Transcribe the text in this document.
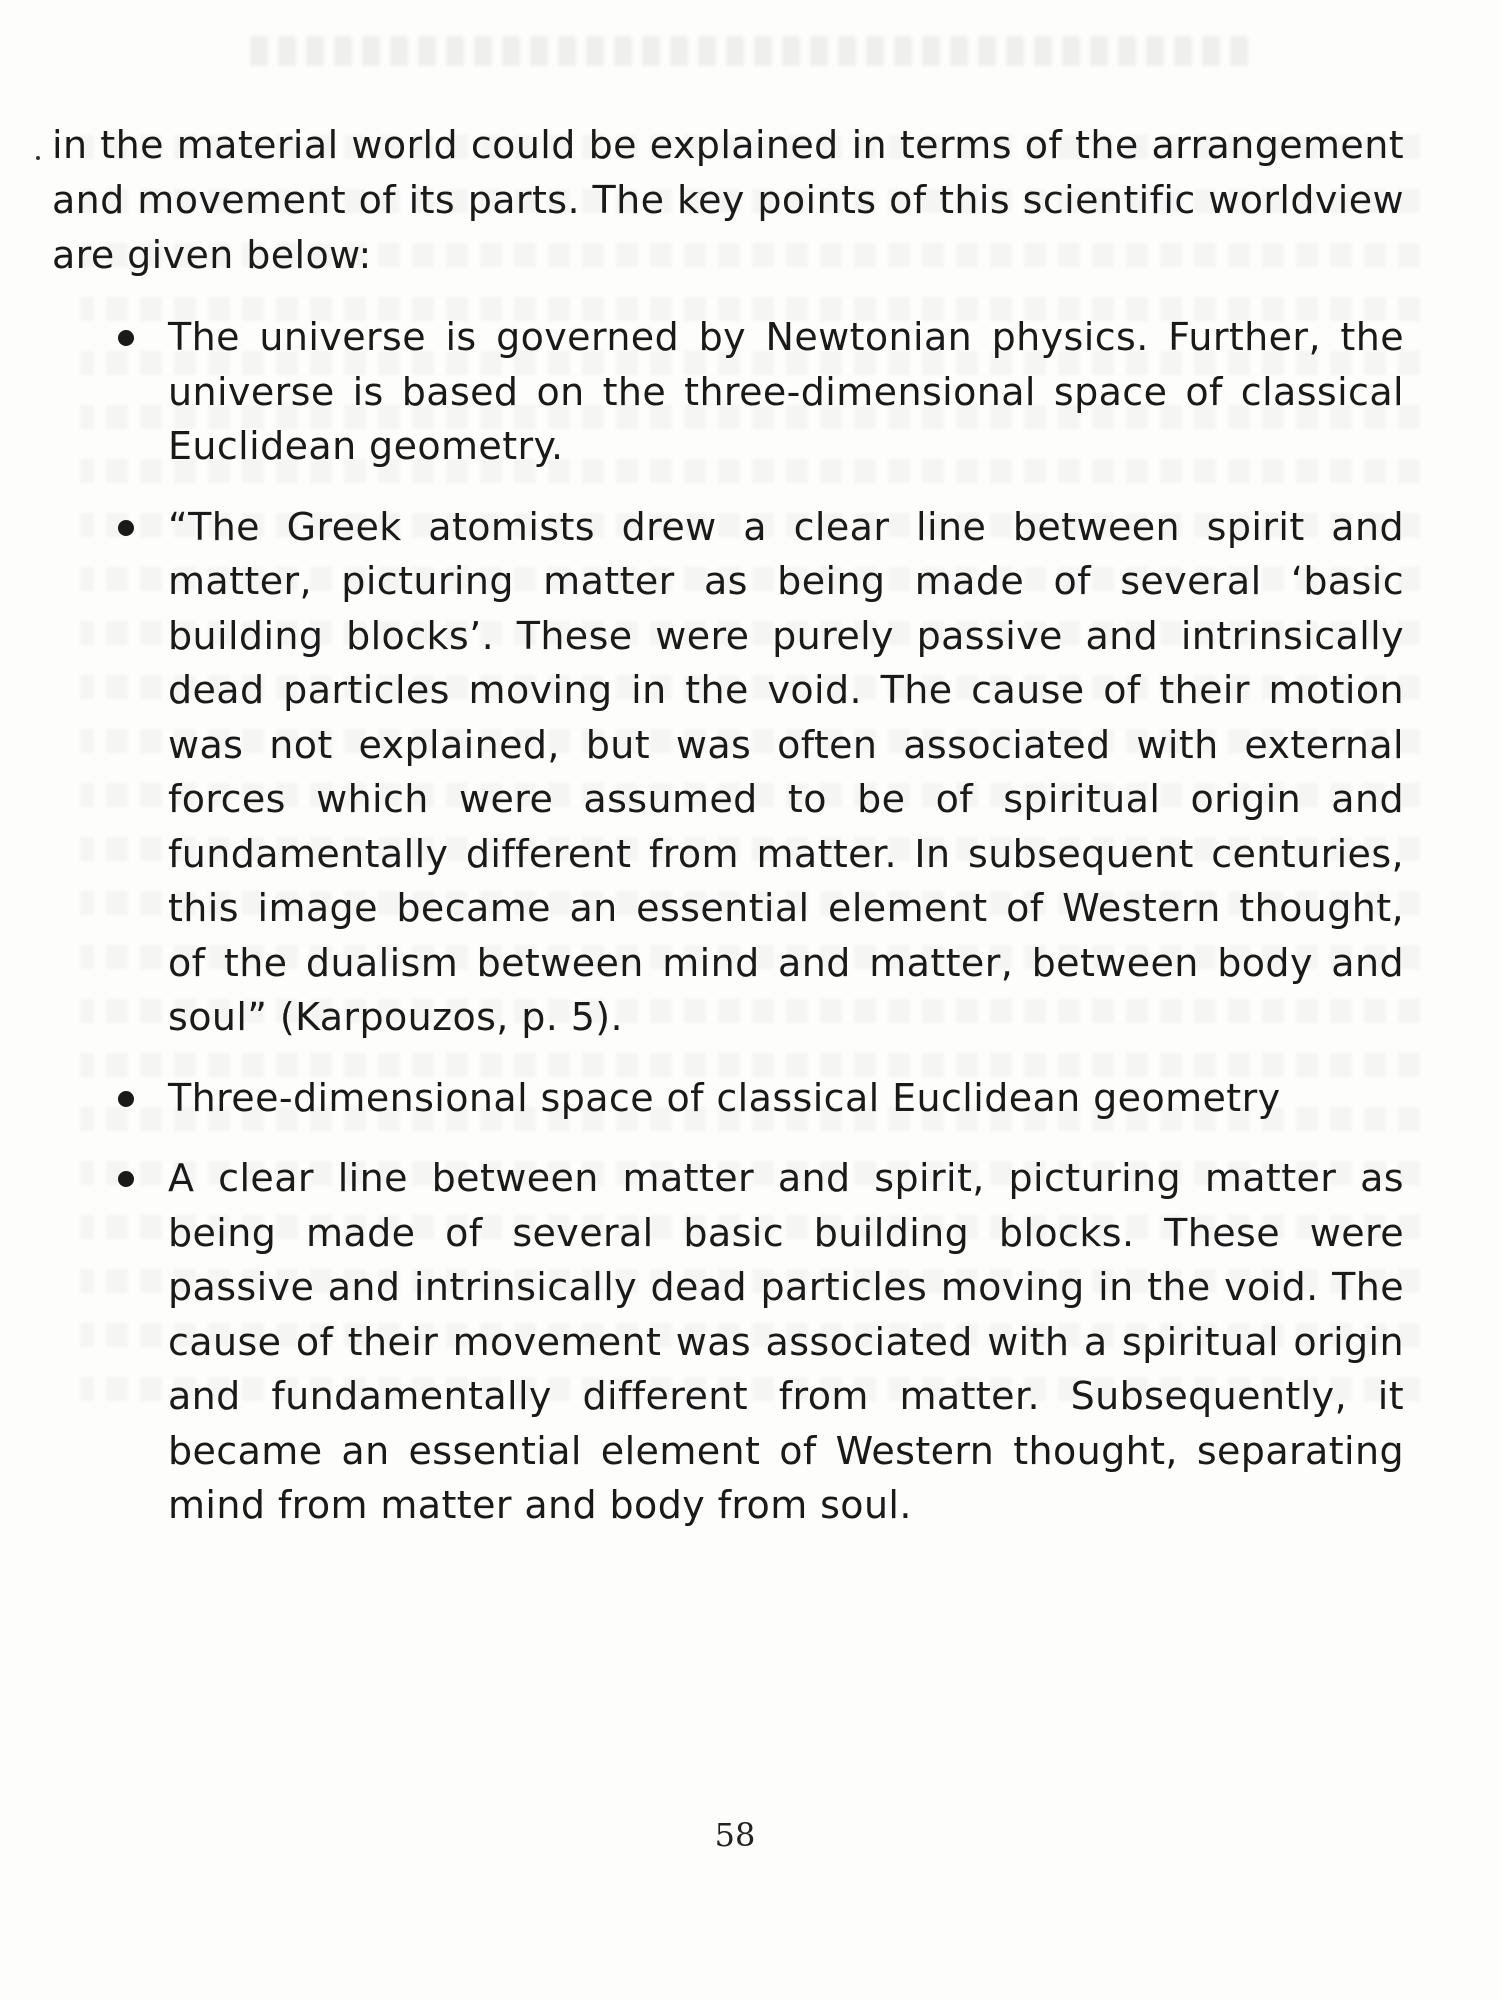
in the material world could be explained in terms of the arrangement and movement of its parts. The key points of this scientific worldview are given below:

The universe is governed by Newtonian physics. Further, the universe is based on the three-dimensional space of classical Euclidean geometry.
“The Greek atomists drew a clear line between spirit and matter, picturing matter as being made of several ‘basic building blocks’. These were purely passive and intrinsically dead particles moving in the void. The cause of their motion was not explained, but was often associated with external forces which were assumed to be of spiritual origin and fundamentally different from matter. In subsequent centuries, this image became an essential element of Western thought, of the dualism between mind and matter, between body and soul” (Karpouzos, p. 5).
Three-dimensional space of classical Euclidean geometry
A clear line between matter and spirit, picturing matter as being made of several basic building blocks. These were passive and intrinsically dead particles moving in the void. The cause of their movement was associated with a spiritual origin and fundamentally different from matter. Subsequently, it became an essential element of Western thought, separating mind from matter and body from soul.
58
